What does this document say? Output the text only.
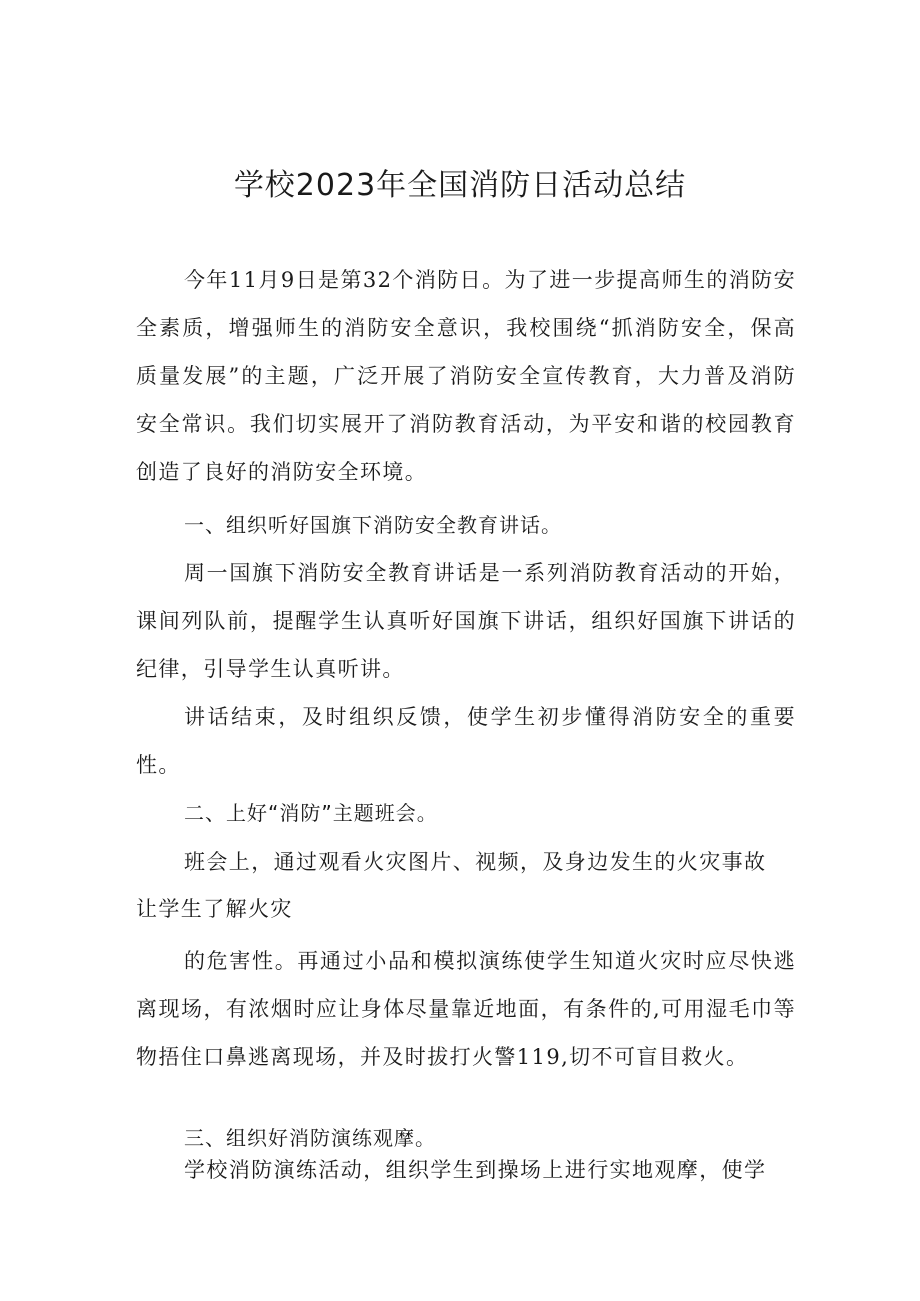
学校2023年全国消防日活动总结

今年11月9日是第32个消防日。为了进一步提高师生的消防安全素质，增强师生的消防安全意识，我校围绕“抓消防安全，保高质量发展”的主题，广泛开展了消防安全宣传教育，大力普及消防安全常识。我们切实展开了消防教育活动，为平安和谐的校园教育创造了良好的消防安全环境。

一、组织听好国旗下消防安全教育讲话。

周一国旗下消防安全教育讲话是一系列消防教育活动的开始，课间列队前，提醒学生认真听好国旗下讲话，组织好国旗下讲话的纪律，引导学生认真听讲。

讲话结束，及时组织反馈，使学生初步懂得消防安全的重要性。

二、上好“消防”主题班会。

班会上，通过观看火灾图片、视频，及身边发生的火灾事故

让学生了解火灾

的危害性。再通过小品和模拟演练使学生知道火灾时应尽快逃离现场，有浓烟时应让身体尽量靠近地面，有条件的,可用湿毛巾等物捂住口鼻逃离现场，并及时拔打火警119,切不可盲目救火。

三、组织好消防演练观摩。

学校消防演练活动，组织学生到操场上进行实地观摩，使学
